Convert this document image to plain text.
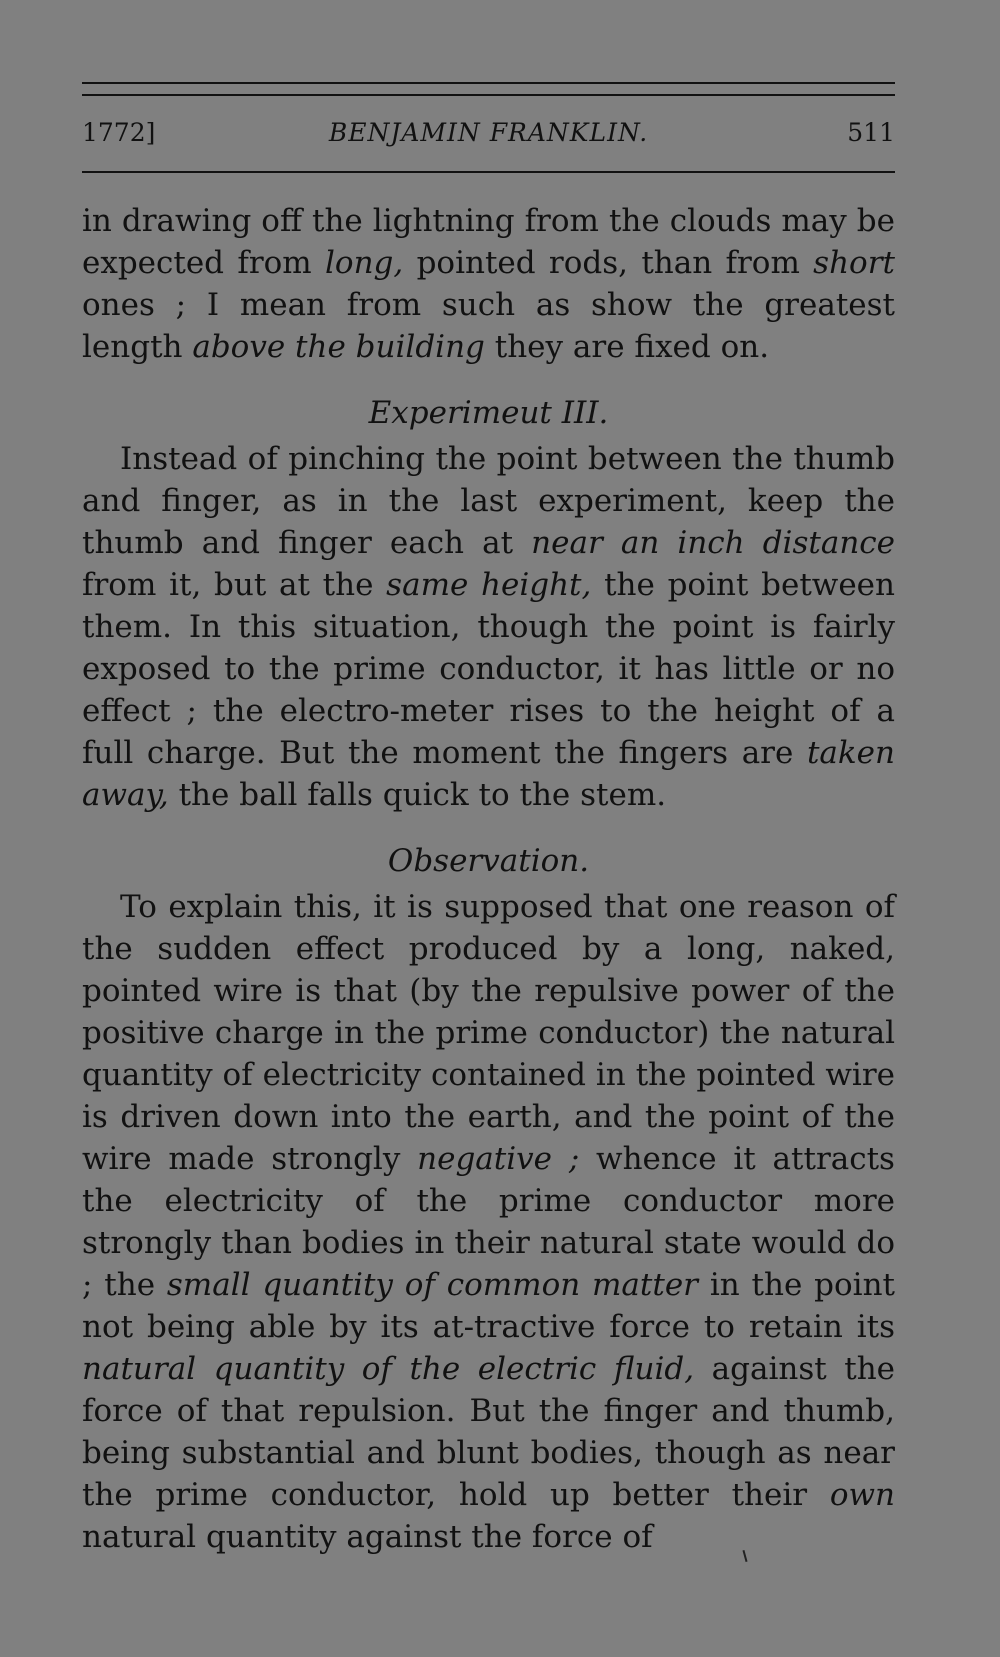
1772]	BENJAMIN FRANKLIN.	511

in drawing off the lightning from the clouds may be expected from long, pointed rods, than from short ones ; I mean from such as show the greatest length above the building they are fixed on.

Experimeut III.

Instead of pinching the point between the thumb and finger, as in the last experiment, keep the thumb and finger each at near an inch distance from it, but at the same height, the point between them. In this situation, though the point is fairly exposed to the prime conductor, it has little or no effect ; the electro-meter rises to the height of a full charge. But the moment the fingers are taken away, the ball falls quick to the stem.

Observation.

To explain this, it is supposed that one reason of the sudden effect produced by a long, naked, pointed wire is that (by the repulsive power of the positive charge in the prime conductor) the natural quantity of electricity contained in the pointed wire is driven down into the earth, and the point of the wire made strongly negative ; whence it attracts the electricity of the prime conductor more strongly than bodies in their natural state would do ; the small quantity of common matter in the point not being able by its at-tractive force to retain its natural quantity of the electric fluid, against the force of that repulsion. But the finger and thumb, being substantial and blunt bodies, though as near the prime conductor, hold up better their own natural quantity against the force of
